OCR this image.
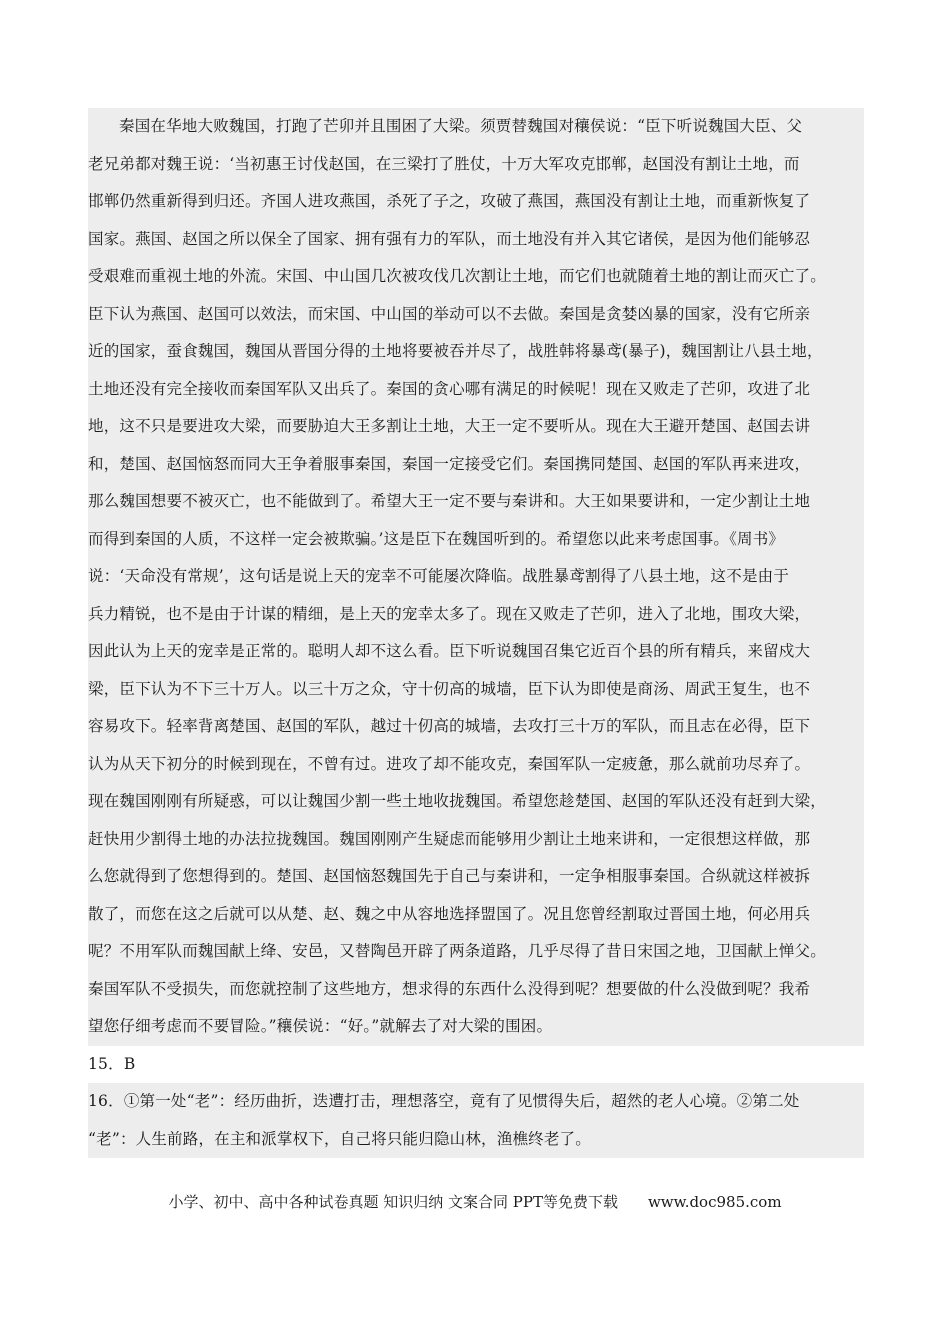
秦国在华地大败魏国，打跑了芒卯并且围困了大梁。须贾替魏国对穰侯说：“臣下听说魏国大臣、父
老兄弟都对魏王说：‘当初惠王讨伐赵国，在三梁打了胜仗，十万大军攻克邯郸，赵国没有割让土地，而
邯郸仍然重新得到归还。齐国人进攻燕国，杀死了子之，攻破了燕国，燕国没有割让土地，而重新恢复了
国家。燕国、赵国之所以保全了国家、拥有强有力的军队，而土地没有并入其它诸侯，是因为他们能够忍
受艰难而重视土地的外流。宋国、中山国几次被攻伐几次割让土地，而它们也就随着土地的割让而灭亡了。
臣下认为燕国、赵国可以效法，而宋国、中山国的举动可以不去做。秦国是贪婪凶暴的国家，没有它所亲
近的国家，蚕食魏国，魏国从晋国分得的土地将要被吞并尽了，战胜韩将暴鸢(暴子)，魏国割让八县土地，
土地还没有完全接收而秦国军队又出兵了。秦国的贪心哪有满足的时候呢！现在又败走了芒卯，攻进了北
地，这不只是要进攻大梁，而要胁迫大王多割让土地，大王一定不要听从。现在大王避开楚国、赵国去讲
和，楚国、赵国恼怒而同大王争着服事秦国，秦国一定接受它们。秦国携同楚国、赵国的军队再来进攻，
那么魏国想要不被灭亡，也不能做到了。希望大王一定不要与秦讲和。大王如果要讲和，一定少割让土地
而得到秦国的人质，不这样一定会被欺骗。’这是臣下在魏国听到的。希望您以此来考虑国事。《周书》
说：‘天命没有常规’，这句话是说上天的宠幸不可能屡次降临。战胜暴鸢割得了八县土地，这不是由于
兵力精锐，也不是由于计谋的精细，是上天的宠幸太多了。现在又败走了芒卯，进入了北地，围攻大梁，
因此认为上天的宠幸是正常的。聪明人却不这么看。臣下听说魏国召集它近百个县的所有精兵，来留戍大
梁，臣下认为不下三十万人。以三十万之众，守十仞高的城墙，臣下认为即使是商汤、周武王复生，也不
容易攻下。轻率背离楚国、赵国的军队，越过十仞高的城墙，去攻打三十万的军队，而且志在必得，臣下
认为从天下初分的时候到现在，不曾有过。进攻了却不能攻克，秦国军队一定疲惫，那么就前功尽弃了。
现在魏国刚刚有所疑惑，可以让魏国少割一些土地收拢魏国。希望您趁楚国、赵国的军队还没有赶到大梁，
赶快用少割得土地的办法拉拢魏国。魏国刚刚产生疑虑而能够用少割让土地来讲和，一定很想这样做，那
么您就得到了您想得到的。楚国、赵国恼怒魏国先于自己与秦讲和，一定争相服事秦国。合纵就这样被拆
散了，而您在这之后就可以从楚、赵、魏之中从容地选择盟国了。况且您曾经割取过晋国土地，何必用兵
呢？不用军队而魏国献上绛、安邑，又替陶邑开辟了两条道路，几乎尽得了昔日宋国之地，卫国献上惮父。
秦国军队不受损失，而您就控制了这些地方，想求得的东西什么没得到呢？想要做的什么没做到呢？我希
望您仔细考虑而不要冒险。”穰侯说：“好。”就解去了对大梁的围困。
15．B
16．①第一处“老”：经历曲折，迭遭打击，理想落空，竟有了见惯得失后，超然的老人心境。②第二处
“老”：人生前路，在主和派掌权下，自己将只能归隐山林，渔樵终老了。
小学、初中、高中各种试卷真题 知识归纳 文案合同 PPT等免费下载 www.doc985.com
